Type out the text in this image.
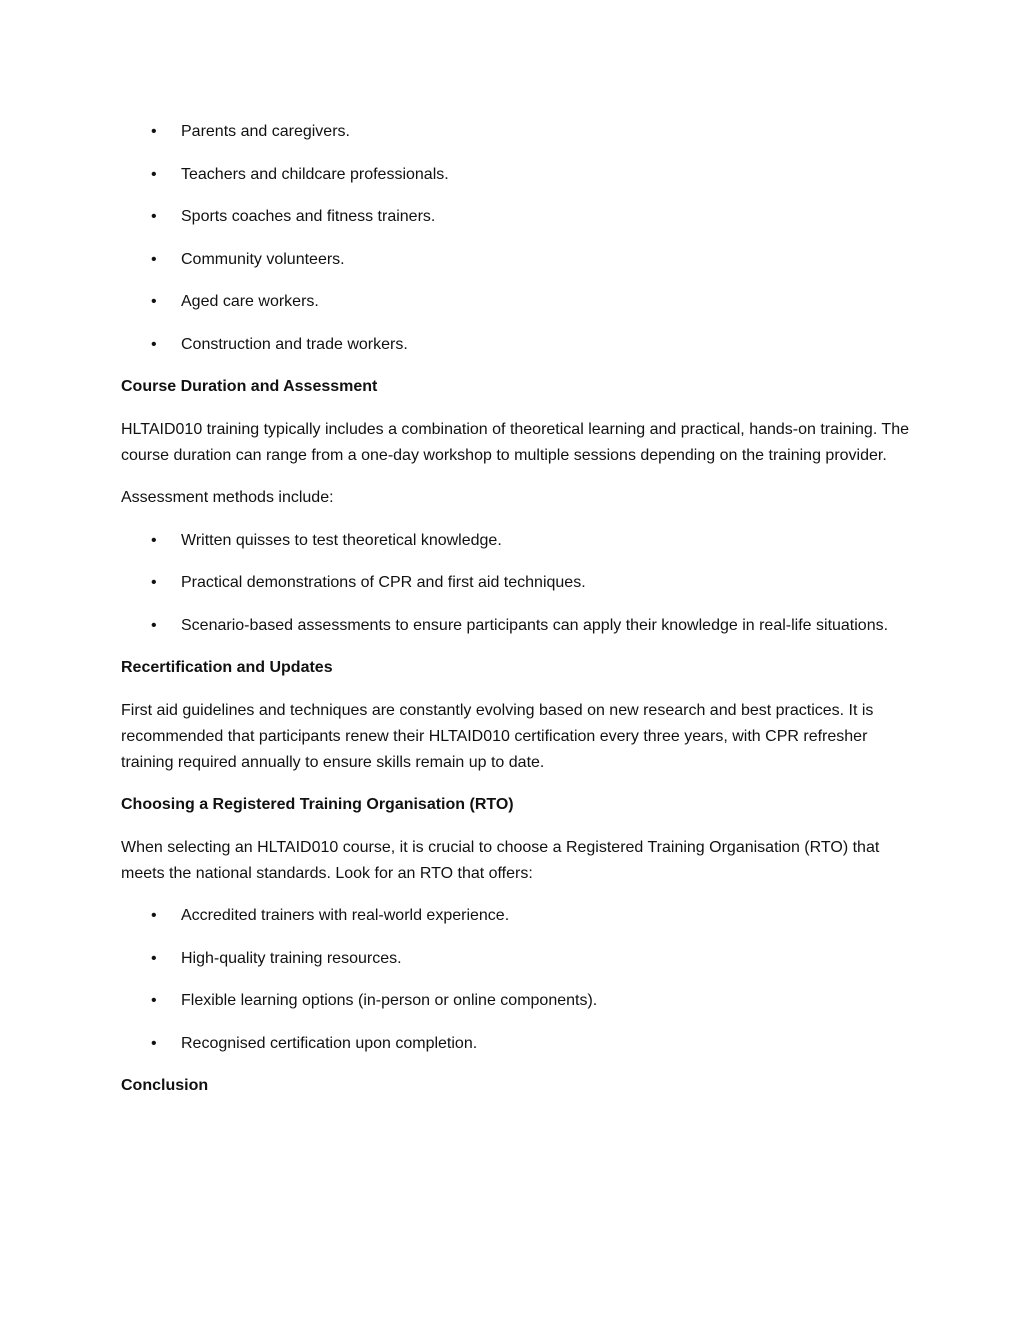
• Parents and caregivers.
• Teachers and childcare professionals.
• Sports coaches and fitness trainers.
• Community volunteers.
• Aged care workers.
• Construction and trade workers.

Course Duration and Assessment

HLTAID010 training typically includes a combination of theoretical learning and practical, hands-on training. The course duration can range from a one-day workshop to multiple sessions depending on the training provider.

Assessment methods include:

• Written quisses to test theoretical knowledge.
• Practical demonstrations of CPR and first aid techniques.
• Scenario-based assessments to ensure participants can apply their knowledge in real-life situations.

Recertification and Updates

First aid guidelines and techniques are constantly evolving based on new research and best practices. It is recommended that participants renew their HLTAID010 certification every three years, with CPR refresher training required annually to ensure skills remain up to date.

Choosing a Registered Training Organisation (RTO)

When selecting an HLTAID010 course, it is crucial to choose a Registered Training Organisation (RTO) that meets the national standards. Look for an RTO that offers:

• Accredited trainers with real-world experience.
• High-quality training resources.
• Flexible learning options (in-person or online components).
• Recognised certification upon completion.

Conclusion
